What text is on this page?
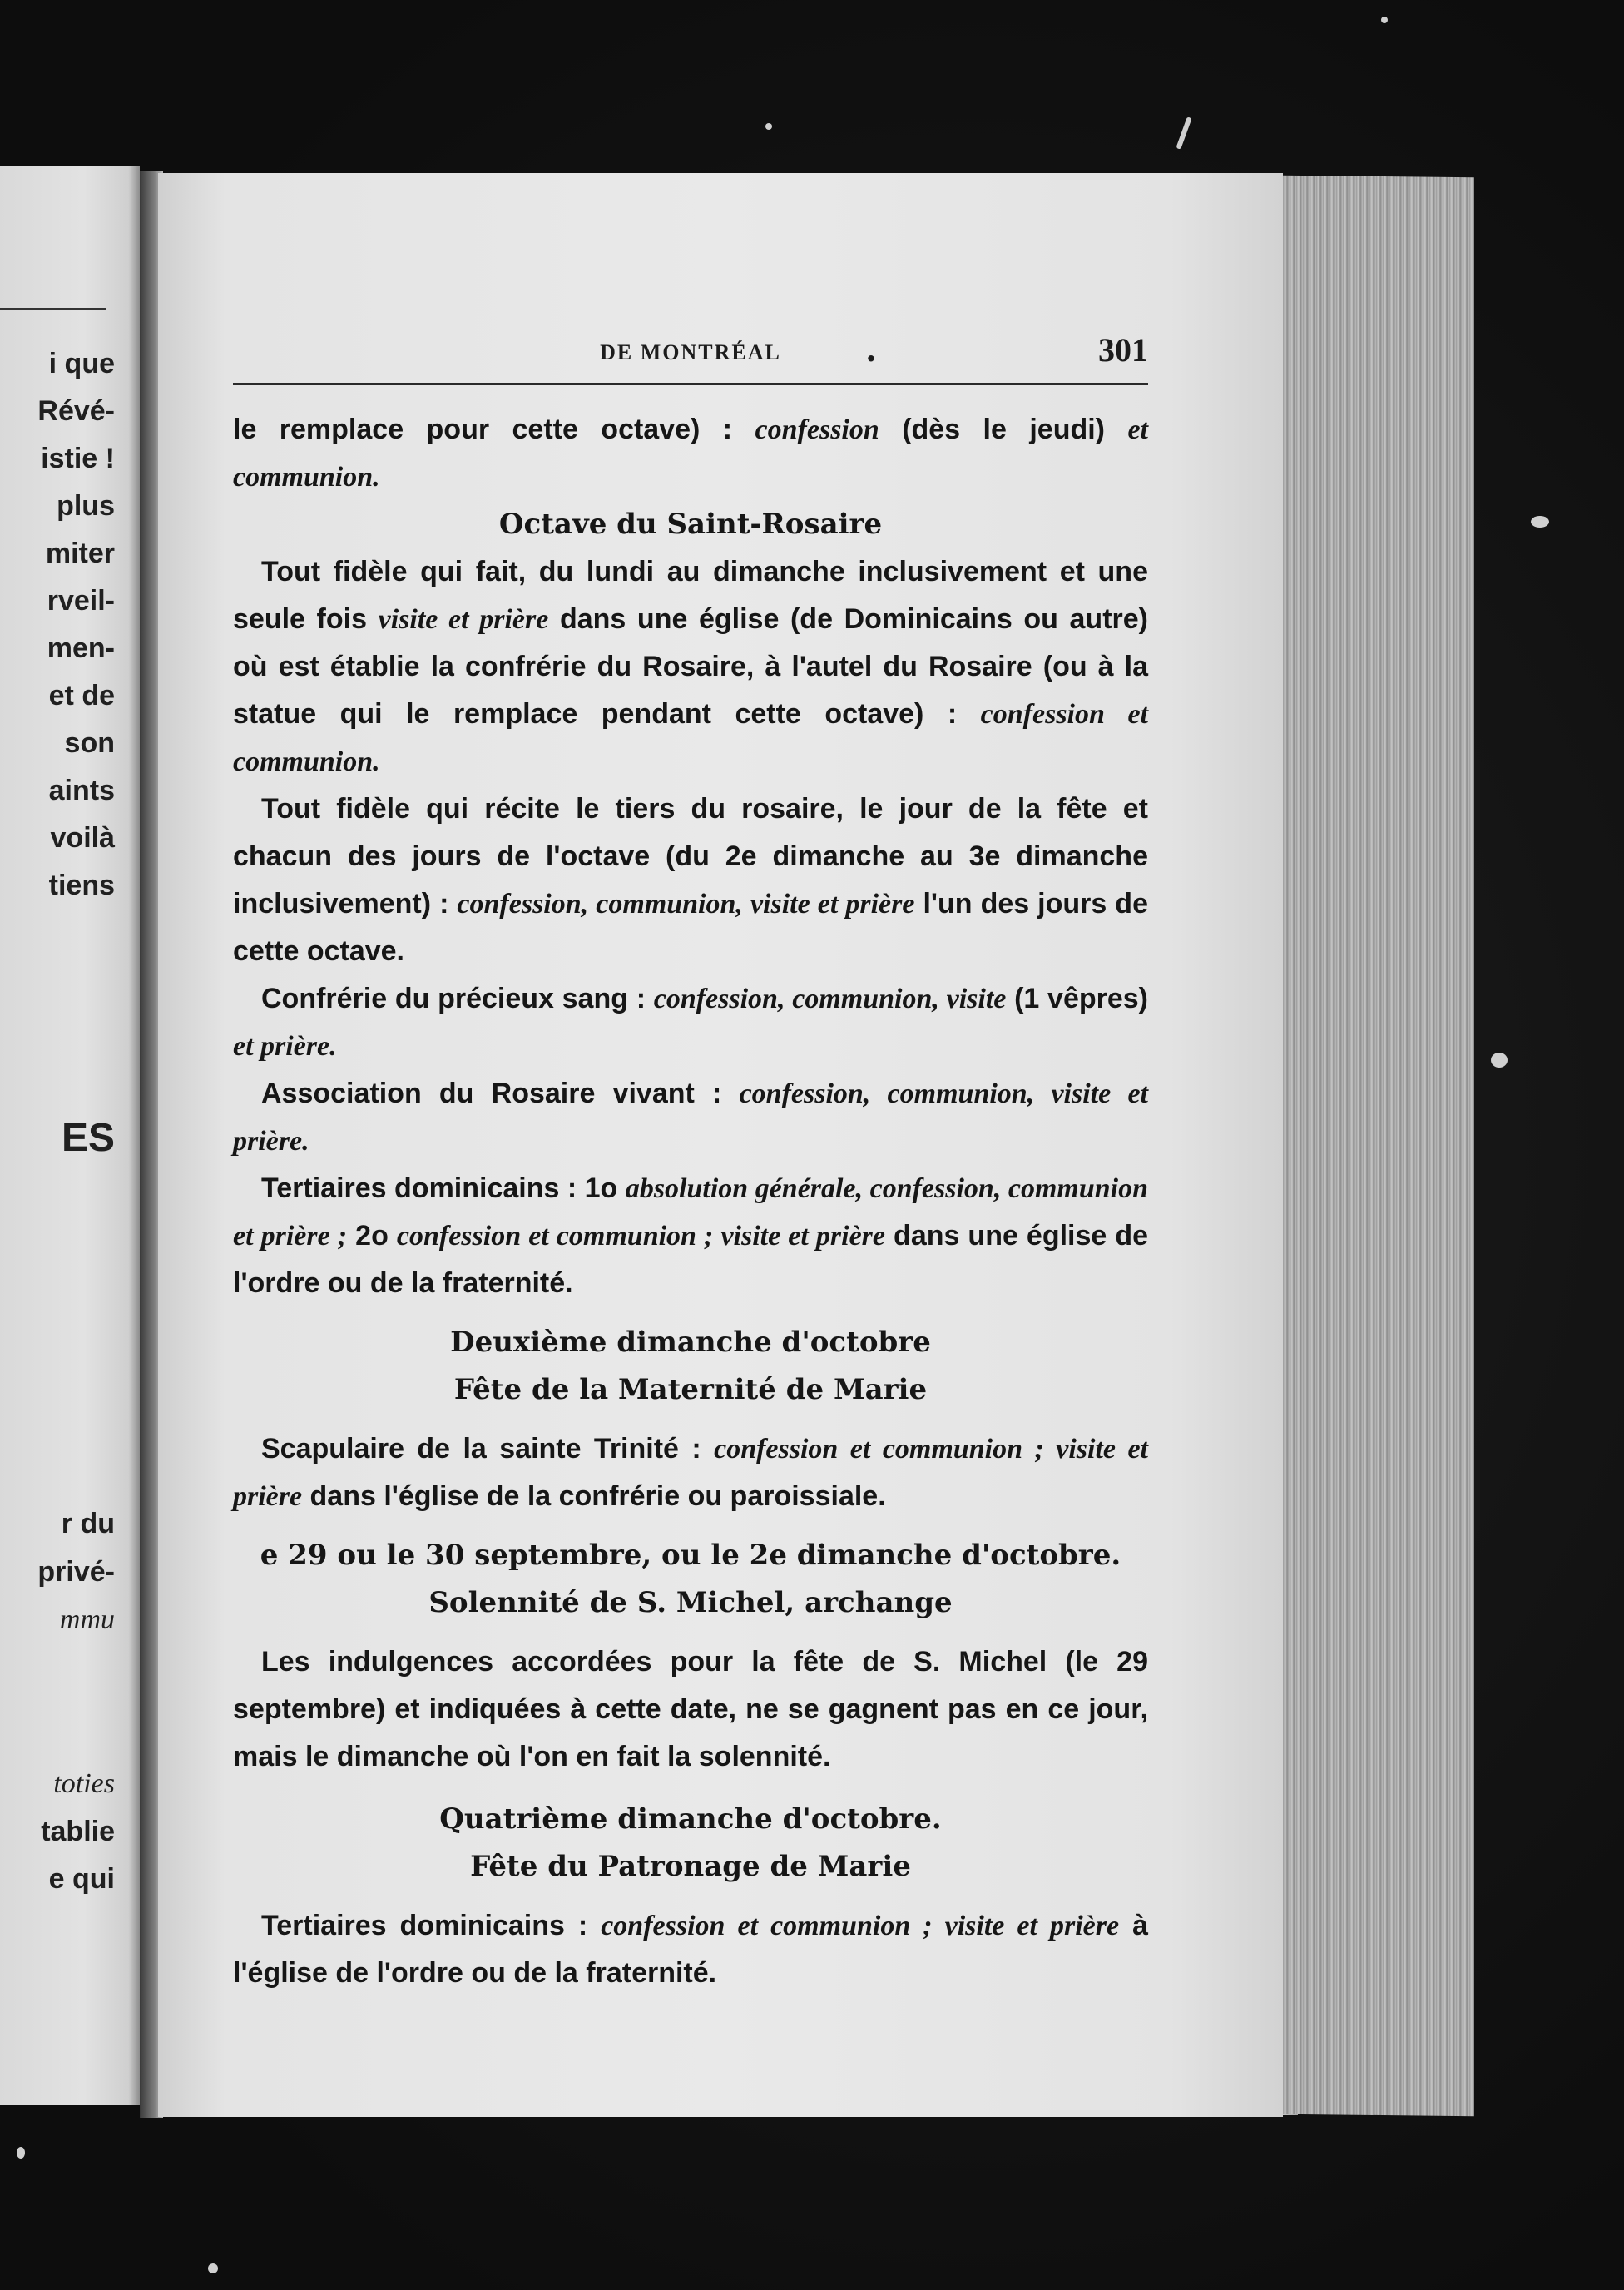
i que
Révé-
istie !
plus
miter
rveil-
men-
et de
son
aints
voilà
tiens
ES
r du
privé-
mmu
toties
tablie
e qui
DE MONTRÉAL	.	301

le remplace pour cette octave) : confession (dès le jeudi) et communion.

Octave du Saint-Rosaire

Tout fidèle qui fait, du lundi au dimanche inclusivement et une seule fois visite et prière dans une église (de Dominicains ou autre) où est établie la confrérie du Rosaire, à l'autel du Rosaire (ou à la statue qui le remplace pendant cette octave) : confession et communion.

Tout fidèle qui récite le tiers du rosaire, le jour de la fête et chacun des jours de l'octave (du 2e dimanche au 3e dimanche inclusivement) : confession, communion, visite et prière l'un des jours de cette octave.

Confrérie du précieux sang : confession, communion, visite (1 vêpres) et prière.

Association du Rosaire vivant : confession, communion, visite et prière.

Tertiaires dominicains : 1o absolution générale, confession, communion et prière ; 2o confession et communion ; visite et prière dans une église de l'ordre ou de la fraternité.

Deuxième dimanche d'octobre
Fête de la Maternité de Marie

Scapulaire de la sainte Trinité : confession et communion ; visite et prière dans l'église de la confrérie ou paroissiale.

e 29 ou le 30 septembre, ou le 2e dimanche d'octobre.
Solennité de S. Michel, archange

Les indulgences accordées pour la fête de S. Michel (le 29 septembre) et indiquées à cette date, ne se gagnent pas en ce jour, mais le dimanche où l'on en fait la solennité.

Quatrième dimanche d'octobre.
Fête du Patronage de Marie

Tertiaires dominicains : confession et communion ; visite et prière à l'église de l'ordre ou de la fraternité.
